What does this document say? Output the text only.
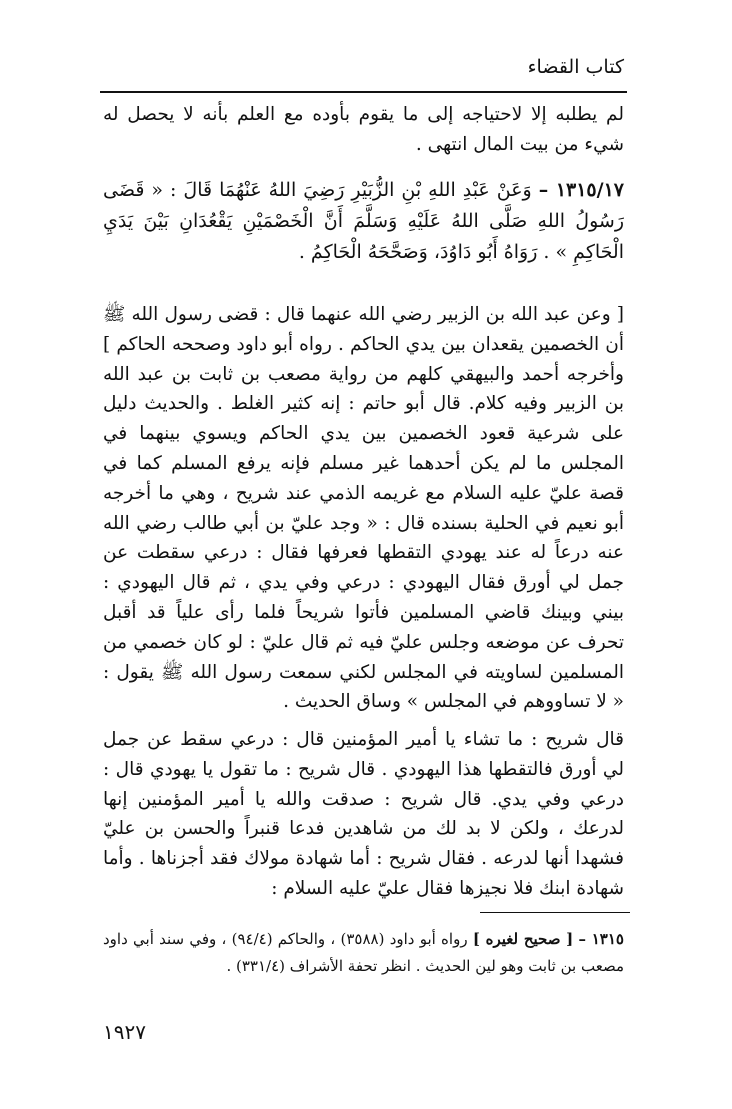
كتاب القضاء

لم يطلبه إلا لاحتياجه إلى ما يقوم بأوده مع العلم بأنه لا يحصل له شيء من بيت المال انتهى .

١٣١٥/١٧ – وَعَنْ عَبْدِ اللهِ بْنِ الزُّبَيْرِ رَضِيَ اللهُ عَنْهُمَا قَالَ : « قَضَى رَسُولُ اللهِ صَلَّى اللهُ عَلَيْهِ وَسَلَّمَ أَنَّ الْخَصْمَيْنِ يَقْعُدَانِ بَيْنَ يَدَيِ الْحَاكِمِ » . رَوَاهُ أَبُو دَاوُدَ، وَصَحَّحَهُ الْحَاكِمُ .

[ وعن عبد الله بن الزبير رضي الله عنهما قال : قضى رسول الله ﷺ أن الخصمين يقعدان بين يدي الحاكم . رواه أبو داود وصححه الحاكم ] وأخرجه أحمد والبيهقي كلهم من رواية مصعب بن ثابت بن عبد الله بن الزبير وفيه كلام. قال أبو حاتم : إنه كثير الغلط . والحديث دليل على شرعية قعود الخصمين بين يدي الحاكم ويسوي بينهما في المجلس ما لم يكن أحدهما غير مسلم فإنه يرفع المسلم كما في قصة عليّ عليه السلام مع غريمه الذمي عند شريح ، وهي ما أخرجه أبو نعيم في الحلية بسنده قال : « وجد عليّ بن أبي طالب رضي الله عنه درعاً له عند يهودي التقطها فعرفها فقال : درعي سقطت عن جمل لي أورق فقال اليهودي : درعي وفي يدي ، ثم قال اليهودي : بيني وبينك قاضي المسلمين فأتوا شريحاً فلما رأى علياً قد أقبل تحرف عن موضعه وجلس عليّ فيه ثم قال عليّ : لو كان خصمي من المسلمين لساويته في المجلس لكني سمعت رسول الله ﷺ يقول : « لا تساووهم في المجلس » وساق الحديث .

قال شريح : ما تشاء يا أمير المؤمنين قال : درعي سقط عن جمل لي أورق فالتقطها هذا اليهودي . قال شريح : ما تقول يا يهودي قال : درعي وفي يدي. قال شريح : صدقت والله يا أمير المؤمنين إنها لدرعك ، ولكن لا بد لك من شاهدين فدعا قنبراً والحسن بن عليّ فشهدا أنها لدرعه . فقال شريح : أما شهادة مولاك فقد أجزناها . وأما شهادة ابنك فلا نجيزها فقال عليّ عليه السلام :

١٣١٥ – [ صحيح لغيره ] رواه أبو داود (٣٥٨٨) ، والحاكم (٩٤/٤) ، وفي سند أبي داود مصعب بن ثابت وهو لين الحديث . انظر تحفة الأشراف (٣٣١/٤) .

١٩٢٧
